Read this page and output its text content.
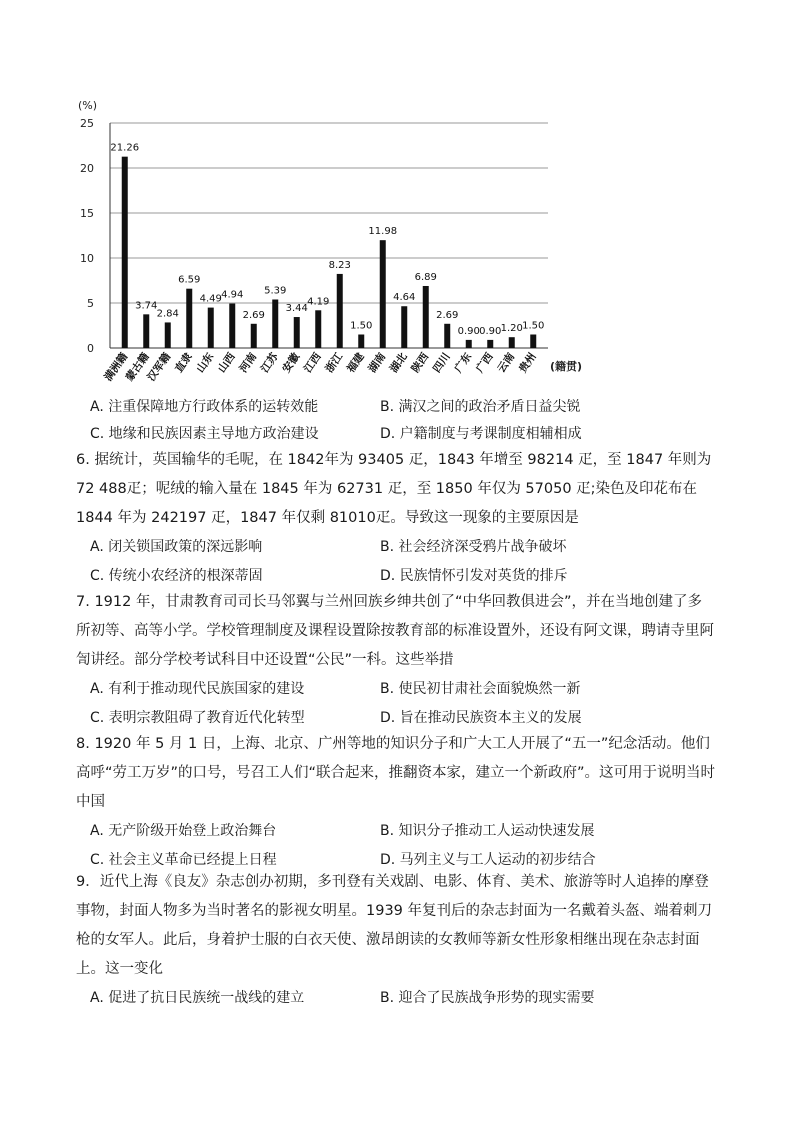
0
5
10
15
20
25
(%)
21.26
3.74
2.84
6.59
4.49 4.94
2.69
5.39
3.44
4.19
8.23
1.50
11.98
4.64
6.89
2.69
0.90 0.90 1.20 1.50
满洲籍
蒙古籍
汉军籍 直隶 山东 山西 河南 江苏 安徽 江西 浙江 福建 湖南 湖北 陕西 四川 广东 广西 云南 贵州 (籍贯)
A. 注重保障地方行政体系的运转效能	B. 满汉之间的政治矛盾日益尖锐
C. 地缘和民族因素主导地方政治建设	D. 户籍制度与考课制度相辅相成
6. 据统计，英国输华的毛呢，在 1842年为 93405 疋，1843 年增至 98214 疋，至 1847 年则为 72 488疋；呢绒的输入量在 1845 年为 62731 疋，至 1850 年仅为 57050 疋;染色及印花布在 1844 年为 242197 疋，1847 年仅剩 81010疋。导致这一现象的主要原因是
A. 闭关锁国政策的深远影响	B. 社会经济深受鸦片战争破坏
C. 传统小农经济的根深蒂固	D. 民族情怀引发对英货的排斥
7. 1912 年，甘肃教育司司长马邻翼与兰州回族乡绅共创了“中华回教俱进会”，并在当地创建了多所初等、高等小学。学校管理制度及课程设置除按教育部的标准设置外，还设有阿文课，聘请寺里阿訇讲经。部分学校考试科目中还设置“公民”一科。这些举措
A. 有利于推动现代民族国家的建设	B. 使民初甘肃社会面貌焕然一新
C. 表明宗教阻碍了教育近代化转型	D. 旨在推动民族资本主义的发展
8. 1920 年 5 月 1 日，上海、北京、广州等地的知识分子和广大工人开展了“五一”纪念活动。他们高呼“劳工万岁”的口号，号召工人们“联合起来，推翻资本家，建立一个新政府”。这可用于说明当时中国
A. 无产阶级开始登上政治舞台	B. 知识分子推动工人运动快速发展
C. 社会主义革命已经提上日程	D. 马列主义与工人运动的初步结合
9．近代上海《良友》杂志创办初期，多刊登有关戏剧、电影、体育、美术、旅游等时人追捧的摩登事物，封面人物多为当时著名的影视女明星。1939 年复刊后的杂志封面为一名戴着头盔、端着刺刀枪的女军人。此后，身着护士服的白衣天使、激昂朗读的女教师等新女性形象相继出现在杂志封面上。这一变化
A. 促进了抗日民族统一战线的建立	B. 迎合了民族战争形势的现实需要
